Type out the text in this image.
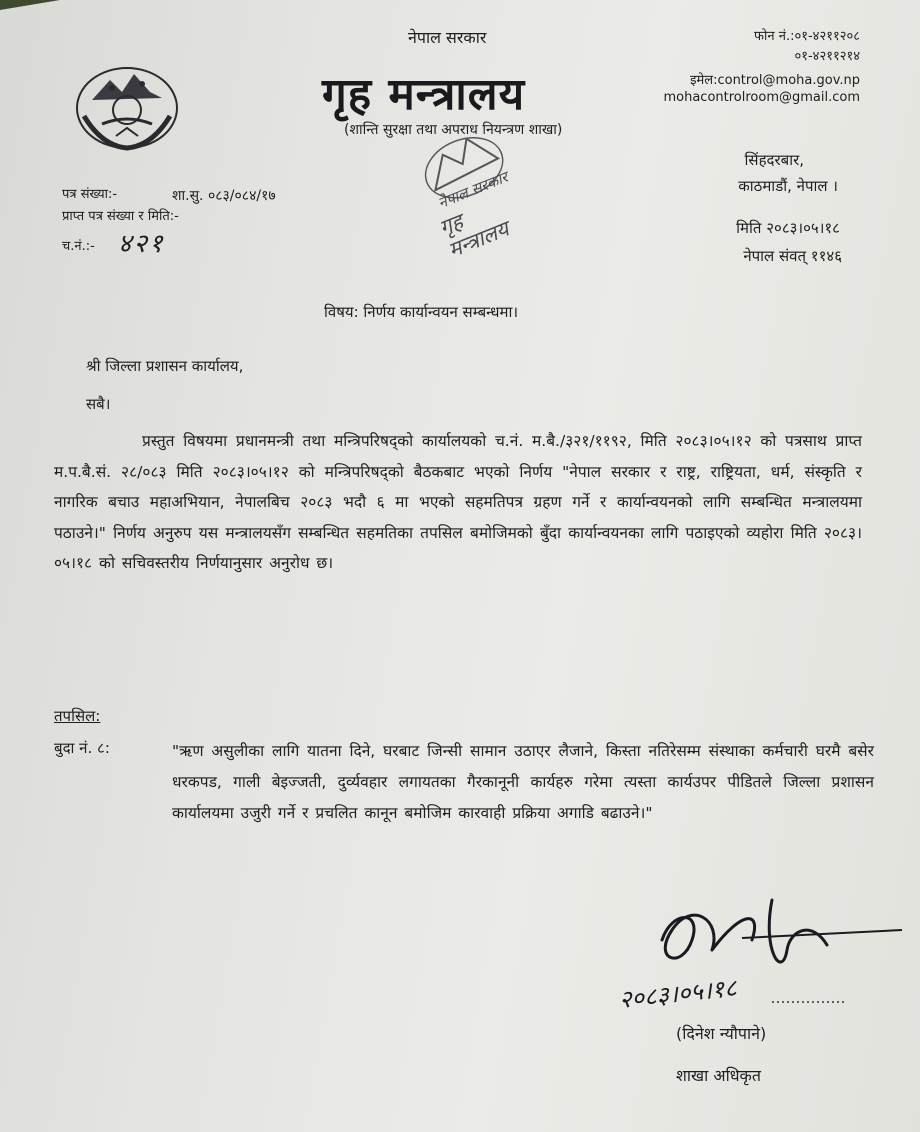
नेपाल सरकार
गृह मन्त्रालय
(शान्ति सुरक्षा तथा अपराध नियन्त्रण शाखा)
फोन नं.:०१-४२११२०८
०१-४२११२१४
इमेल:control@moha.gov.np
mohacontrolroom@gmail.com
सिंहदरबार,
काठमाडौं, नेपाल ।
मिति २०८३।०५।१८
नेपाल संवत् ११४६
नेपाल सरकार
गृह मन्त्रालय
पत्र संख्या:-	शा.सु. ०८३/०८४/१७
प्राप्त पत्र संख्या र मिति:-
च.नं.:- ४२१
विषय: निर्णय कार्यान्वयन सम्बन्धमा।
श्री जिल्ला प्रशासन कार्यालय,
सबै।
प्रस्तुत विषयमा प्रधानमन्त्री तथा मन्त्रिपरिषद्को कार्यालयको च.नं. म.बै./३२१/११९२, मिति २०८३।०५।१२ को पत्रसाथ प्राप्त म.प.बै.सं. २८/०८३ मिति २०८३।०५।१२ को मन्त्रिपरिषद्को बैठकबाट भएको निर्णय "नेपाल सरकार र राष्ट्र, राष्ट्रियता, धर्म, संस्कृति र नागरिक बचाउ महाअभियान, नेपालबिच २०८३ भदौ ६ मा भएको सहमतिपत्र ग्रहण गर्ने र कार्यान्वयनको लागि सम्बन्धित मन्त्रालयमा पठाउने।" निर्णय अनुरुप यस मन्त्रालयसँग सम्बन्धित सहमतिका तपसिल बमोजिमको बुँदा कार्यान्वयनका लागि पठाइएको व्यहोरा मिति २०८३।०५।१८ को सचिवस्तरीय निर्णयानुसार अनुरोध छ।
तपसिल:
बुदा नं. ८:	"ऋण असुलीका लागि यातना दिने, घरबाट जिन्सी सामान उठाएर लैजाने, किस्ता नतिरेसम्म संस्थाका कर्मचारी घरमै बसेर धरकपड, गाली बेइज्जती, दुर्व्यवहार लगायतका गैरकानूनी कार्यहरु गरेमा त्यस्ता कार्यउपर पीडितले जिल्ला प्रशासन कार्यालयमा उजुरी गर्ने र प्रचलित कानून बमोजिम कारवाही प्रक्रिया अगाडि बढाउने।"
२०८३।०५।१८
(दिनेश न्यौपाने)
शाखा अधिकृत
